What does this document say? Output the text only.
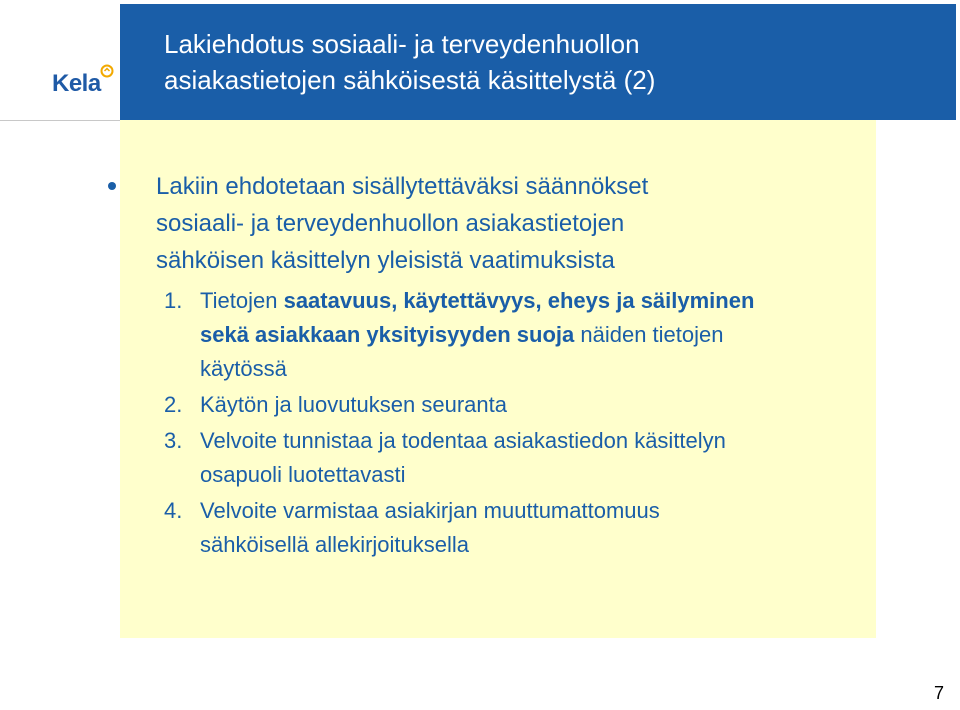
Kela
Lakiehdotus sosiaali- ja terveydenhuollon
asiakastietojen sähköisestä käsittelystä (2)

Lakiin ehdotetaan sisällytettäväksi säännökset
sosiaali- ja terveydenhuollon asiakastietojen
sähköisen käsittelyn yleisistä vaatimuksista

1. Tietojen saatavuus, käytettävyys, eheys ja säilyminen
sekä asiakkaan yksityisyyden suoja näiden tietojen
käytössä
2. Käytön ja luovutuksen seuranta
3. Velvoite tunnistaa ja todentaa asiakastiedon käsittelyn
osapuoli luotettavasti
4. Velvoite varmistaa asiakirjan muuttumattomuus
sähköisellä allekirjoituksella
7
